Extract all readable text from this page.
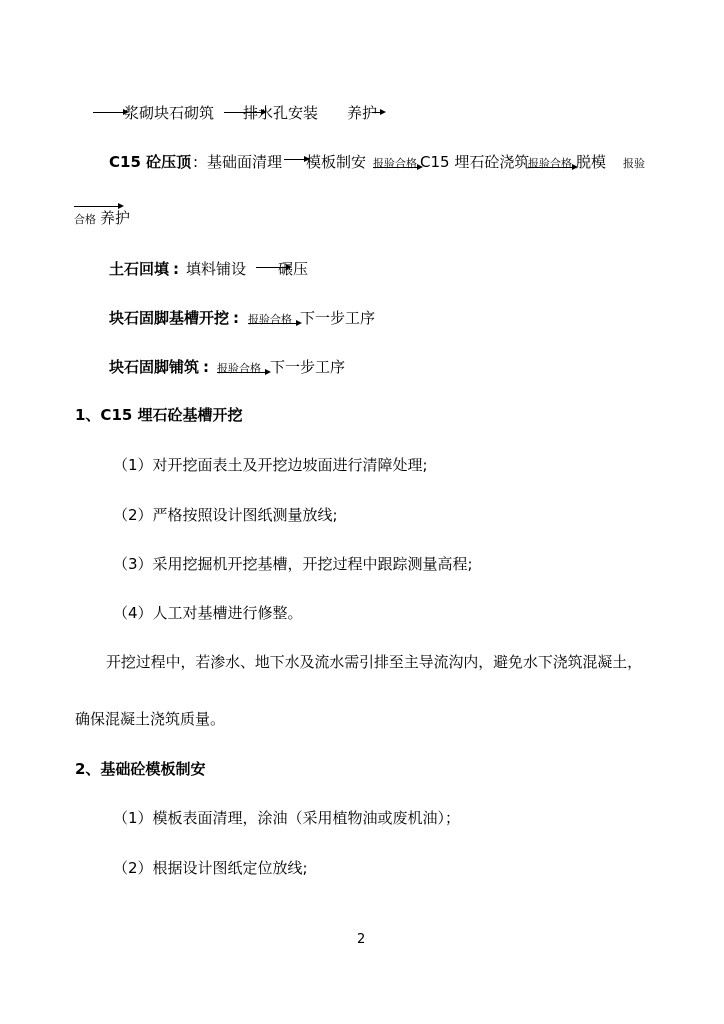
浆砌块石砌筑 排水孔安装 养护
C15 砼压顶 : 基础面清理 模板制安 报验合格 C15 埋石砼浇筑
报验合格 脱模 报验
合格 养护
土石回填 : 填料铺设 碾压
块石固脚基槽开挖 : 报验合格 下一步工序
块石固脚铺筑 : 报验合格 下一步工序
1、C15 埋石砼基槽开挖
（1）对开挖面表土及开挖边坡面进行清障处理;
（2）严格按照设计图纸测量放线;
（3）采用挖掘机开挖基槽，开挖过程中跟踪测量高程;
（4）人工对基槽进行修整。
开挖过程中，若渗水、地下水及流水需引排至主导流沟内，避免水下浇筑混凝土，
确保混凝土浇筑质量。
2、基础砼模板制安
（1）模板表面清理，涂油（采用植物油或废机油）；
（2）根据设计图纸定位放线;
2
